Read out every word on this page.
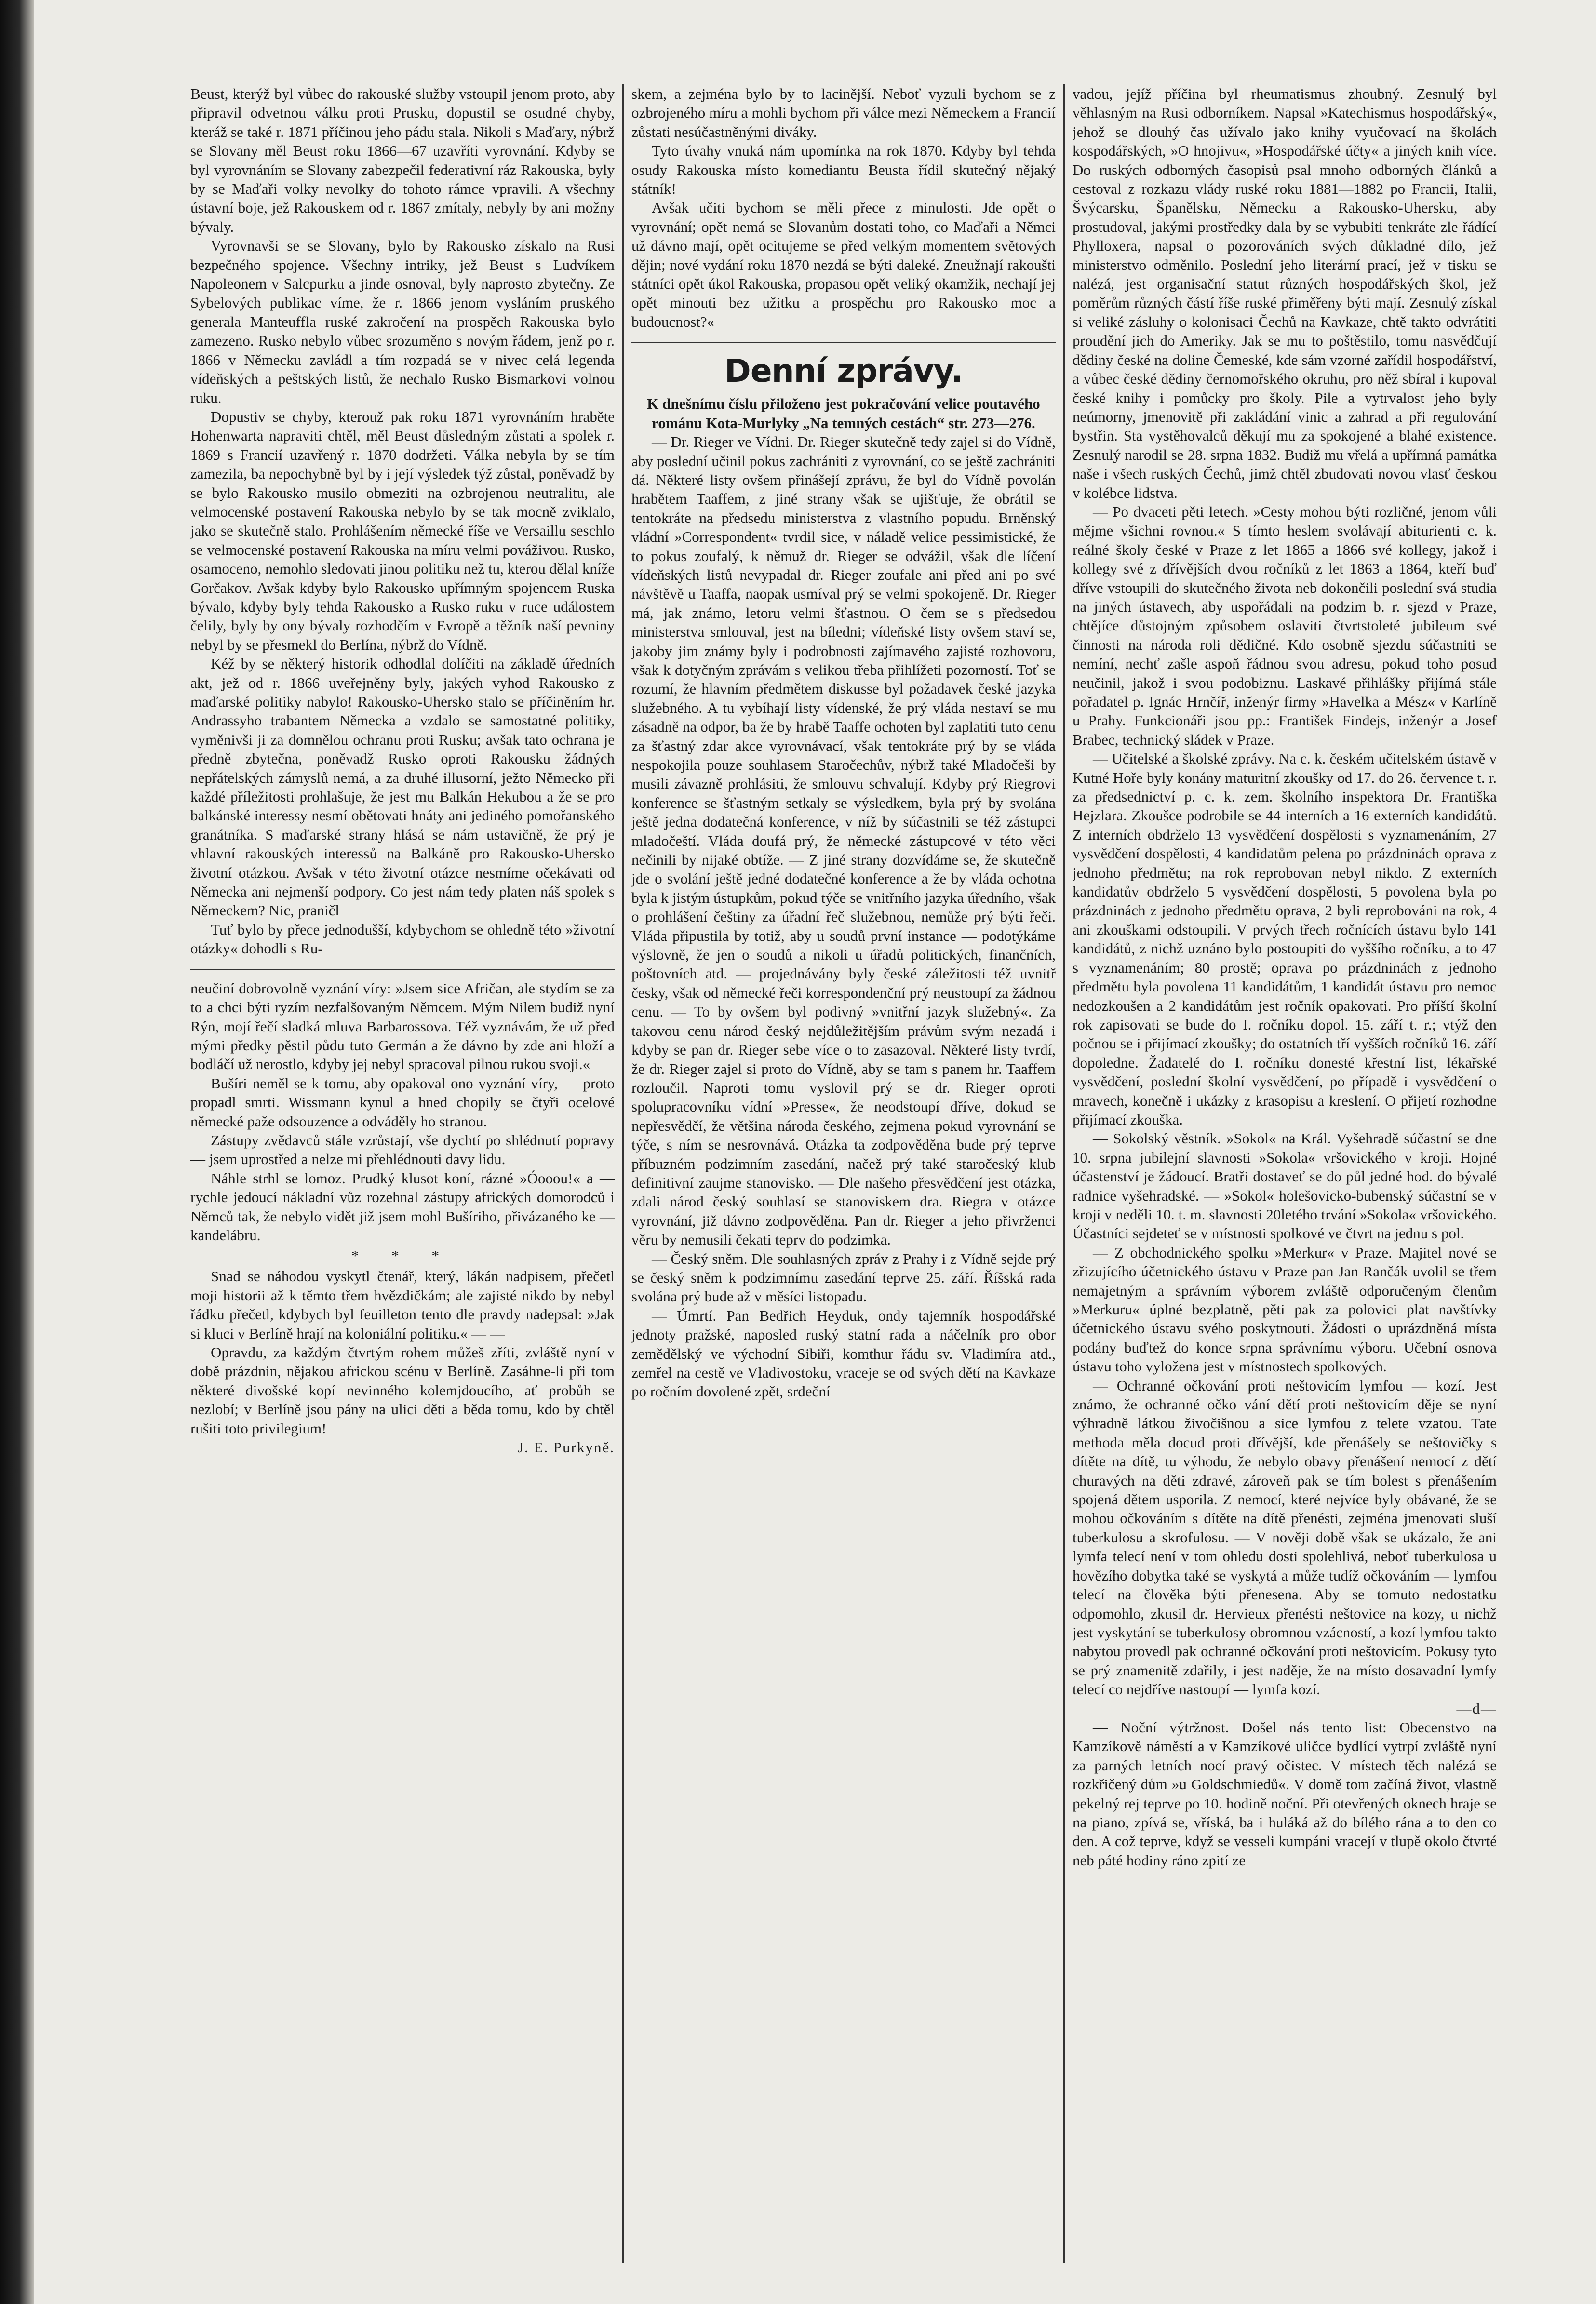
Beust, kterýž byl vůbec do rakouské služby vstoupil jenom proto, aby připravil odvetnou válku proti Prusku, dopustil se osudné chyby, kteráž se také r. 1871 příčinou jeho pádu stala. Nikoli s Maďary, nýbrž se Slovany měl Beust roku 1866—67 uzavříti vyrovnání. Kdyby se byl vyrovnáním se Slovany zabezpečil federativní ráz Rakouska, byly by se Maďaři volky nevolky do tohoto rámce vpravili. A všechny ústavní boje, jež Rakouskem od r. 1867 zmítaly, nebyly by ani možny bývaly.

Vyrovnavši se se Slovany, bylo by Rakousko získalo na Rusi bezpečného spojence. Všechny intriky, jež Beust s Ludvíkem Napoleonem v Salcpurku a jinde osnoval, byly naprosto zbytečny. Ze Sybelových publikac víme, že r. 1866 jenom vysláním pruského generala Manteuffla ruské zakročení na prospěch Rakouska bylo zamezeno. Rusko nebylo vůbec srozuměno s novým řádem, jenž po r. 1866 v Německu zavládl a tím rozpadá se v nivec celá legenda vídeňských a peštských listů, že nechalo Rusko Bismarkovi volnou ruku.

Dopustiv se chyby, kterouž pak roku 1871 vyrovnáním hraběte Hohenwarta napraviti chtěl, měl Beust důsledným zůstati a spolek r. 1869 s Francií uzavřený r. 1870 dodržeti. Válka nebyla by se tím zamezila, ba nepochybně byl by i její výsledek týž zůstal, poněvadž by se bylo Rakousko musilo obmeziti na ozbrojenou neutralitu, ale velmocenské postavení Rakouska nebylo by se tak mocně zviklalo, jako se skutečně stalo. Prohlášením německé říše ve Versaillu seschlo se velmocenské postavení Rakouska na míru velmi pováživou. Rusko, osamoceno, nemohlo sledovati jinou politiku než tu, kterou dělal kníže Gorčakov. Avšak kdyby bylo Rakousko upřímným spojencem Ruska bývalo, kdyby byly tehda Rakousko a Rusko ruku v ruce událostem čelily, byly by ony bývaly rozhodčím v Evropě a těžník naší pevniny nebyl by se přesmekl do Berlína, nýbrž do Vídně.

Kéž by se některý historik odhodlal dolíčiti na základě úředních akt, jež od r. 1866 uveřejněny byly, jakých vyhod Rakousko z maďarské politiky nabylo! Rakousko-Uhersko stalo se příčiněním hr. Andrassyho trabantem Německa a vzdalo se samostatné politiky, vyměnivši ji za domnělou ochranu proti Rusku; avšak tato ochrana je předně zbytečna, poněvadž Rusko oproti Rakousku žádných nepřátelských zámyslů nemá, a za druhé illusorní, ježto Německo při každé příležitosti prohlašuje, že jest mu Balkán Hekubou a že se pro balkánské interessy nesmí obětovati hnáty ani jediného pomořanského granátníka. S maďarské strany hlásá se nám ustavičně, že prý je vhlavní rakouských interessů na Balkáně pro Rakousko-Uhersko životní otázkou. Avšak v této životní otázce nesmíme očekávati od Německa ani nejmenší podpory. Co jest nám tedy platen náš spolek s Německem? Nic, praničl

Tuť bylo by přece jednodušší, kdybychom se ohledně této »životní otázky« dohodli s Ru-

neučiní dobrovolně vyznání víry: »Jsem sice Afričan, ale stydím se za to a chci býti ryzím nezfalšovaným Němcem. Mým Nilem budiž nyní Rýn, mojí řečí sladká mluva Barbarossova. Též vyznávám, že už před mými předky pěstil půdu tuto Germán a že dávno by zde ani hloží a bodláčí už nerostlo, kdyby jej nebyl spracoval pilnou rukou svoji.«

Bušíri neměl se k tomu, aby opakoval ono vyznání víry, — proto propadl smrti. Wissmann kynul a hned chopily se čtyři ocelové německé paže odsouzence a odváděly ho stranou.

Zástupy zvědavců stále vzrůstají, vše dychtí po shlédnutí popravy — jsem uprostřed a nelze mi přehlédnouti davy lidu.

Náhle strhl se lomoz. Prudký klusot koní, rázné »Óooou!« a — rychle jedoucí nákladní vůz rozehnal zástupy afrických domorodců i Němců tak, že nebylo vidět již jsem mohl Bušíriho, přivázaného ke — kandelábru.

* * *

Snad se náhodou vyskytl čtenář, který, lákán nadpisem, přečetl moji historii až k těmto třem hvězdičkám; ale zajisté nikdo by nebyl řádku přečetl, kdybych byl feuilleton tento dle pravdy nadepsal: »Jak si kluci v Berlíně hrají na koloniální politiku.« — —

Opravdu, za každým čtvrtým rohem můžeš zříti, zvláště nyní v době prázdnin, nějakou africkou scénu v Berlíně. Zasáhne-li při tom některé divošské kopí nevinného kolemjdoucího, ať probůh se nezlobí; v Berlíně jsou pány na ulici děti a běda tomu, kdo by chtěl rušiti toto privilegium!

J. E. Purkyně.

skem, a zejména bylo by to lacinější. Neboť vyzuli bychom se z ozbrojeného míru a mohli bychom při válce mezi Německem a Francií zůstati nesúčastněnými diváky.

Tyto úvahy vnuká nám upomínka na rok 1870. Kdyby byl tehda osudy Rakouska místo komediantu Beusta řídil skutečný nějaký státník!

Avšak učiti bychom se měli přece z minulosti. Jde opět o vyrovnání; opět nemá se Slovanům dostati toho, co Maďaři a Němci už dávno mají, opět ocitujeme se před velkým momentem světových dějin; nové vydání roku 1870 nezdá se býti daleké. Zneužnají rakoušti státníci opět úkol Rakouska, propasou opět veliký okamžik, nechají jej opět minouti bez užitku a prospěchu pro Rakousko moc a budoucnost?«

Denní zprávy.

K dnešnímu číslu přiloženo jest pokračování velice poutavého románu Kota-Murlyky „Na temných cestách“ str. 273—276.

— Dr. Rieger ve Vídni. Dr. Rieger skutečně tedy zajel si do Vídně, aby poslední učinil pokus zachrániti z vyrovnání, co se ještě zachrániti dá. Některé listy ovšem přinášejí zprávu, že byl do Vídně povolán hrabětem Taaffem, z jiné strany však se ujišťuje, že obrátil se tentokráte na předsedu ministerstva z vlastního popudu. Brněnský vládní »Correspondent« tvrdil sice, v náladě velice pessimistické, že to pokus zoufalý, k němuž dr. Rieger se odvážil, však dle líčení vídeňských listů nevypadal dr. Rieger zoufale ani před ani po své návštěvě u Taaffa, naopak usmíval prý se velmi spokojeně. Dr. Rieger má, jak známo, letoru velmi šťastnou. O čem se s předsedou ministerstva smlouval, jest na bíledni; vídeňské listy ovšem staví se, jakoby jim známy byly i podrobnosti zajímavého zajisté rozhovoru, však k dotyčným zprávám s velikou třeba přihlížeti pozorností. Toť se rozumí, že hlavním předmětem diskusse byl požadavek české jazyka služebného. A tu vybíhají listy vídenské, že prý vláda nestaví se mu zásadně na odpor, ba že by hrabě Taaffe ochoten byl zaplatiti tuto cenu za šťastný zdar akce vyrovnávací, však tentokráte prý by se vláda nespokojila pouze souhlasem Staročechův, nýbrž také Mladočeši by musili závazně prohlásiti, že smlouvu schvalují. Kdyby prý Riegrovi konference se šťastným setkaly se výsledkem, byla prý by svolána ještě jedna dodatečná konference, v níž by súčastnili se též zástupci mladočeští. Vláda doufá prý, že německé zástupcové v této věci nečinili by nijaké obtíže. — Z jiné strany dozvídáme se, že skutečně jde o svolání ještě jedné dodatečné konference a že by vláda ochotna byla k jistým ústupkům, pokud týče se vnitřního jazyka úředního, však o prohlášení češtiny za úřadní řeč služebnou, nemůže prý býti řeči. Vláda připustila by totiž, aby u soudů první instance — podotýkáme výslovně, že jen o soudů a nikoli u úřadů politických, finančních, poštovních atd. — projednávány byly české záležitosti též uvnitř česky, však od německé řeči korrespondenční prý neustoupí za žádnou cenu. — To by ovšem byl podivný »vnitřní jazyk služebný«. Za takovou cenu národ český nejdůležitějším právům svým nezadá i kdyby se pan dr. Rieger sebe více o to zasazoval. Některé listy tvrdí, že dr. Rieger zajel si proto do Vídně, aby se tam s panem hr. Taaffem rozloučil. Naproti tomu vyslovil prý se dr. Rieger oproti spolupracovníku vídní »Presse«, že neodstoupí dříve, dokud se nepřesvědčí, že většina národa českého, zejmena pokud vyrovnání se týče, s ním se nesrovnává. Otázka ta zodpověděna bude prý teprve příbuzném podzimním zasedání, načež prý také staročeský klub definitivní zaujme stanovisko. — Dle našeho přesvědčení jest otázka, zdali národ český souhlasí se stanoviskem dra. Riegra v otázce vyrovnání, již dávno zodpověděna. Pan dr. Rieger a jeho přivrženci věru by nemusili čekati teprv do podzimka.

— Český sněm. Dle souhlasných zpráv z Prahy i z Vídně sejde prý se český sněm k podzimnímu zasedání teprve 25. září. Říšská rada svolána prý bude až v měsíci listopadu.

— Úmrtí. Pan Bedřich Heyduk, ondy tajemník hospodářské jednoty pražské, naposled ruský statní rada a náčelník pro obor zemědělský ve východní Sibiři, komthur řádu sv. Vladimíra atd., zemřel na cestě ve Vladivostoku, vraceje se od svých dětí na Kavkaze po ročním dovolené zpět, srdeční

vadou, jejíž příčina byl rheumatismus zhoubný. Zesnulý byl věhlasným na Rusi odborníkem. Napsal »Katechismus hospodářský«, jehož se dlouhý čas užívalo jako knihy vyučovací na školách kospodářských, »O hnojivu«, »Hospodářské účty« a jiných knih více. Do ruských odborných časopisů psal mnoho odborných článků a cestoval z rozkazu vlády ruské roku 1881—1882 po Francii, Italii, Švýcarsku, Španělsku, Německu a Rakousko-Uhersku, aby prostudoval, jakými prostředky dala by se vybubiti tenkráte zle řádící Phylloxera, napsal o pozorováních svých důkladné dílo, jež ministerstvo odměnilo. Poslední jeho literární prací, jež v tisku se nalézá, jest organisační statut různých hospodářských škol, jež poměrům různých částí říše ruské přiměřeny býti mají. Zesnulý získal si veliké zásluhy o kolonisaci Čechů na Kavkaze, chtě takto odvrátiti proudění jich do Ameriky. Jak se mu to poštěstilo, tomu nasvědčují dědiny české na doline Čemeské, kde sám vzorné zařídil hospodářství, a vůbec české dědiny černomořského okruhu, pro něž sbíral i kupoval české knihy i pomůcky pro školy. Pile a vytrvalost jeho byly neúmorny, jmenovitě při zakládání vinic a zahrad a při regulování bystřin. Sta vystěhovalců děkují mu za spokojené a blahé existence. Zesnulý narodil se 28. srpna 1832. Budiž mu vřelá a upřímná památka naše i všech ruských Čechů, jimž chtěl zbudovati novou vlasť českou v kolébce lidstva.

— Po dvaceti pěti letech. »Cesty mohou býti rozličné, jenom vůli mějme všichni rovnou.« S tímto heslem svolávají abiturienti c. k. reálné školy české v Praze z let 1865 a 1866 své kollegy, jakož i kollegy své z dřívějších dvou ročníků z let 1863 a 1864, kteří buď dříve vstoupili do skutečného života neb dokončili poslední svá studia na jiných ústavech, aby uspořádali na podzim b. r. sjezd v Praze, chtějíce důstojným způsobem oslaviti čtvrtstoleté jubileum své činnosti na národa roli dědičné. Kdo osobně sjezdu súčastniti se nemíní, nechť zašle aspoň řádnou svou adresu, pokud toho posud neučinil, jakož i svou podobiznu. Laskavé přihlášky přijímá stále pořadatel p. Ignác Hrnčíř, inženýr firmy »Havelka a Mész« v Karlíně u Prahy. Funkcionáři jsou pp.: František Findejs, inženýr a Josef Brabec, technický sládek v Praze.

— Učitelské a školské zprávy. Na c. k. českém učitelském ústavě v Kutné Hoře byly konány maturitní zkoušky od 17. do 26. července t. r. za předsednictví p. c. k. zem. školního inspektora Dr. Františka Hejzlara. Zkoušce podrobile se 44 interních a 16 externích kandidátů. Z interních obdrželo 13 vysvědčení dospělosti s vyznamenáním, 27 vysvědčení dospělosti, 4 kandidatům pelena po prázdninách oprava z jednoho předmětu; na rok reprobovan nebyl nikdo. Z externích kandidatův obdrželo 5 vysvědčení dospělosti, 5 povolena byla po prázdninách z jednoho předmětu oprava, 2 byli reprobováni na rok, 4 ani zkouškami odstoupili. V prvých třech ročnících ústavu bylo 141 kandidátů, z nichž uznáno bylo postoupiti do vyššího ročníku, a to 47 s vyznamenáním; 80 prostě; oprava po prázdninách z jednoho předmětu byla povolena 11 kandidátům, 1 kandidát ústavu pro nemoc nedozkoušen a 2 kandidátům jest ročník opakovati. Pro příští školní rok zapisovati se bude do I. ročníku dopol. 15. září t. r.; vtýž den počnou se i přijímací zkoušky; do ostatních tří vyšších ročníků 16. září dopoledne. Žadatelé do I. ročníku donesté křestní list, lékařské vysvědčení, poslední školní vysvědčení, po případě i vysvědčení o mravech, konečně i ukázky z krasopisu a kreslení. O přijetí rozhodne přijímací zkouška.

— Sokolský věstník. »Sokol« na Král. Vyšehradě súčastní se dne 10. srpna jubilejní slavnosti »Sokola« vršovického v kroji. Hojné účastenství je žádoucí. Bratři dostaveť se do půl jedné hod. do bývalé radnice vyšehradské. — »Sokol« holešovicko-bubenský súčastní se v kroji v neděli 10. t. m. slavnosti 20letého trvání »Sokola« vršovického. Účastníci sejdeteť se v místnosti spolkové ve čtvrt na jednu s pol.

— Z obchodnického spolku »Merkur« v Praze. Majitel nové se zřizujícího účetnického ústavu v Praze pan Jan Rančák uvolil se třem nemajetným a správním výborem zvláště odporučeným členům »Merkuru« úplné bezplatně, pěti pak za polovici plat navštívky účetnického ústavu svého poskytnouti. Žádosti o uprázdněná místa podány buďtež do konce srpna správnímu výboru. Učební osnova ústavu toho vyložena jest v místnostech spolkových.

— Ochranné očkování proti neštovicím lymfou — kozí. Jest známo, že ochranné očko vání dětí proti neštovicím děje se nyní výhradně látkou živočišnou a sice lymfou z telete vzatou. Tate methoda měla docud proti dřívější, kde přenášely se neštovičky s dítěte na dítě, tu výhodu, že nebylo obavy přenášení nemocí z dětí churavých na děti zdravé, zároveň pak se tím bolest s přenášením spojená dětem usporila. Z nemocí, které nejvíce byly obávané, že se mohou očkováním s dítěte na dítě přenésti, zejména jmenovati sluší tuberkulosu a skrofulosu. — V nověji době však se ukázalo, že ani lymfa telecí není v tom ohledu dosti spolehlivá, neboť tuberkulosa u hovězího dobytka také se vyskytá a může tudíž očkováním — lymfou telecí na člověka býti přenesena. Aby se tomuto nedostatku odpomohlo, zkusil dr. Hervieux přenésti neštovice na kozy, u nichž jest vyskytání se tuberkulosy obromnou vzácností, a kozí lymfou takto nabytou provedl pak ochranné očkování proti neštovicím. Pokusy tyto se prý znamenitě zdařily, i jest naděje, že na místo dosavadní lymfy telecí co nejdříve nastoupí — lymfa kozí.

—d—

— Noční výtržnost. Došel nás tento list: Obecenstvo na Kamzíkově náměstí a v Kamzíkové uličce bydlící vytrpí zvláště nyní za parných letních nocí pravý očistec. V místech těch nalézá se rozkřičený dům »u Goldschmiedů«. V domě tom začíná život, vlastně pekelný rej teprve po 10. hodině noční. Při otevřených oknech hraje se na piano, zpívá se, vříská, ba i huláká až do bílého rána a to den co den. A což teprve, když se vesseli kumpáni vracejí v tlupě okolo čtvrté neb páté hodiny ráno zpití ze
